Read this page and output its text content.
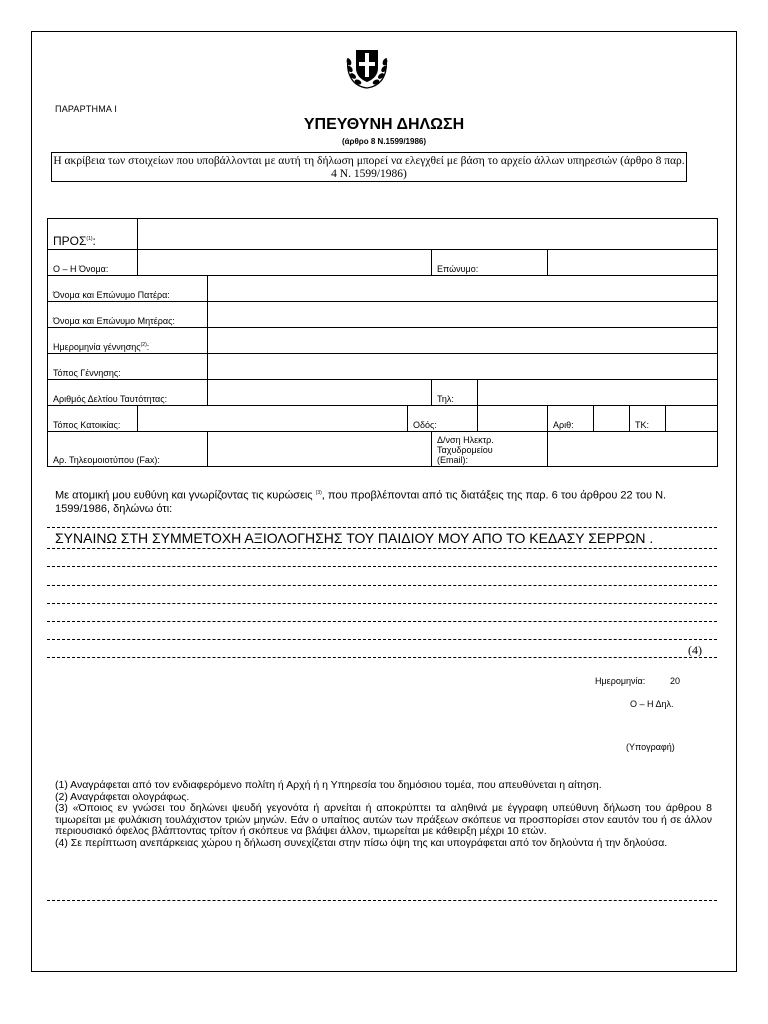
ΠΑΡΑΡΤΗΜΑ Ι
ΥΠΕΥΘΥΝΗ ΔΗΛΩΣΗ
(άρθρο 8 Ν.1599/1986)
Η ακρίβεια των στοιχείων που υποβάλλονται με αυτή τη δήλωση μπορεί να ελεγχθεί με βάση το αρχείο άλλων υπηρεσιών (άρθρο 8 παρ. 4 Ν. 1599/1986)
ΠΡΟΣ$^{(1)}$:									
Ο – Η Όνομα:				Επώνυμο:					
Όνομα και Επώνυμο Πατέρα:									
Όνομα και Επώνυμο Μητέρας:									
Ημερομηνία γέννησης$^{(2)}$:									
Τόπος Γέννησης:									
Αριθμός Δελτίου Ταυτότητας:				Τηλ:					
Τόπος Κατοικίας:			Οδός:			Αριθ:		ΤΚ:	
Αρ. Τηλεομοιοτύπου (Fax):				Δ/νση Ηλεκτρ.
Ταχυδρομείου
(Email):					

Με ατομική μου ευθύνη και γνωρίζοντας τις κυρώσεις $^{(3)}$, που προβλέπονται από τις διατάξεις της παρ. 6 του άρθρου 22 του Ν. 1599/1986, δηλώνω ότι:
ΣΥΝΑΙΝΩ ΣΤΗ ΣΥΜΜΕΤΟΧΗ ΑΞΙΟΛΟΓΗΣΗΣ ΤΟΥ ΠΑΙΔΙΟΥ ΜΟΥ ΑΠΟ ΤΟ ΚΕΔΑΣΥ ΣΕΡΡΩΝ .
(4)
Ημερομηνία:	20
Ο – Η Δηλ.
(Υπογραφή)

(1) Αναγράφεται από τον ενδιαφερόμενο πολίτη ή Αρχή ή η Υπηρεσία του δημόσιου τομέα, που απευθύνεται η αίτηση.

(2) Αναγράφεται ολογράφως.

(3) «Όποιος εν γνώσει του δηλώνει ψευδή γεγονότα ή αρνείται ή αποκρύπτει τα αληθινά με έγγραφη υπεύθυνη δήλωση του άρθρου 8 τιμωρείται με φυλάκιση τουλάχιστον τριών μηνών. Εάν ο υπαίτιος αυτών των πράξεων σκόπευε να προσπορίσει στον εαυτόν του ή σε άλλον περιουσιακό όφελος βλάπτοντας τρίτον ή σκόπευε να βλάψει άλλον, τιμωρείται με κάθειρξη μέχρι 10 ετών.

(4) Σε περίπτωση ανεπάρκειας χώρου η δήλωση συνεχίζεται στην πίσω όψη της και υπογράφεται από τον δηλούντα ή την δηλούσα.
